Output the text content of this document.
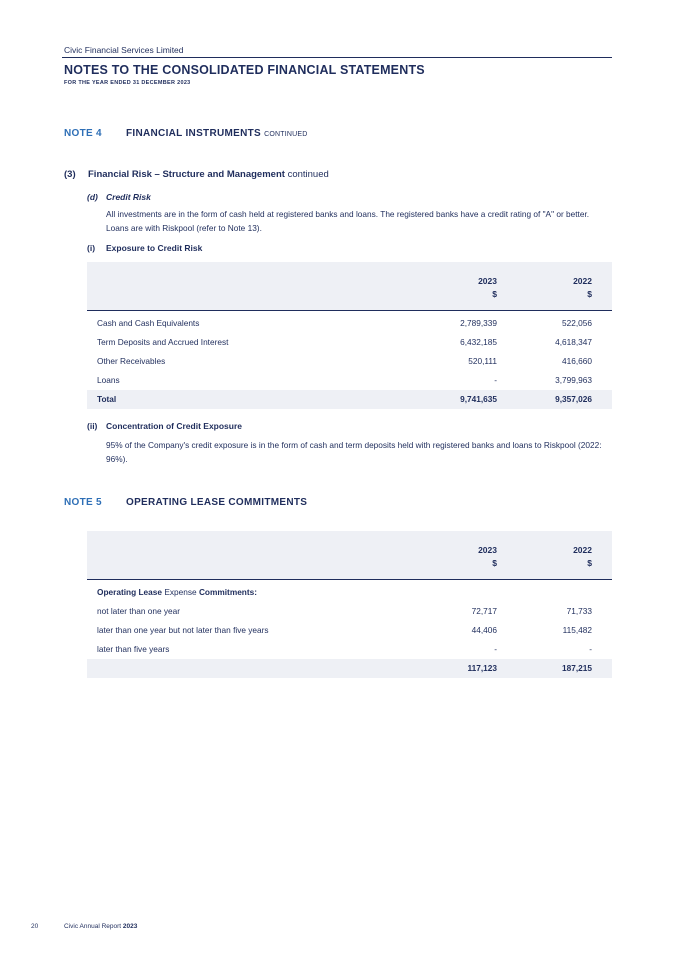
Civic Financial Services Limited
NOTES TO THE CONSOLIDATED FINANCIAL STATEMENTS
FOR THE YEAR ENDED 31 DECEMBER 2023
NOTE 4 FINANCIAL INSTRUMENTS CONTINUED
(3) Financial Risk – Structure and Management continued
(d) Credit Risk
All investments are in the form of cash held at registered banks and loans. The registered banks have a credit rating of "A" or better. Loans are with Riskpool (refer to Note 13).
(i) Exposure to Credit Risk
2023
$
2022
$
Cash and Cash Equivalents	2,789,339	522,056
Term Deposits and Accrued Interest	6,432,185	4,618,347
Other Receivables	520,111	416,660
Loans	-	3,799,963
Total	9,741,635	9,357,026
(ii) Concentration of Credit Exposure
95% of the Company's credit exposure is in the form of cash and term deposits held with registered banks and loans to Riskpool (2022: 96%).
NOTE 5 OPERATING LEASE COMMITMENTS
2023
$
2022
$
Operating Lease Expense Commitments:
not later than one year	72,717	71,733
later than one year but not later than five years	44,406	115,482
later than five years	-	-
117,123	187,215
20	Civic Annual Report 2023
